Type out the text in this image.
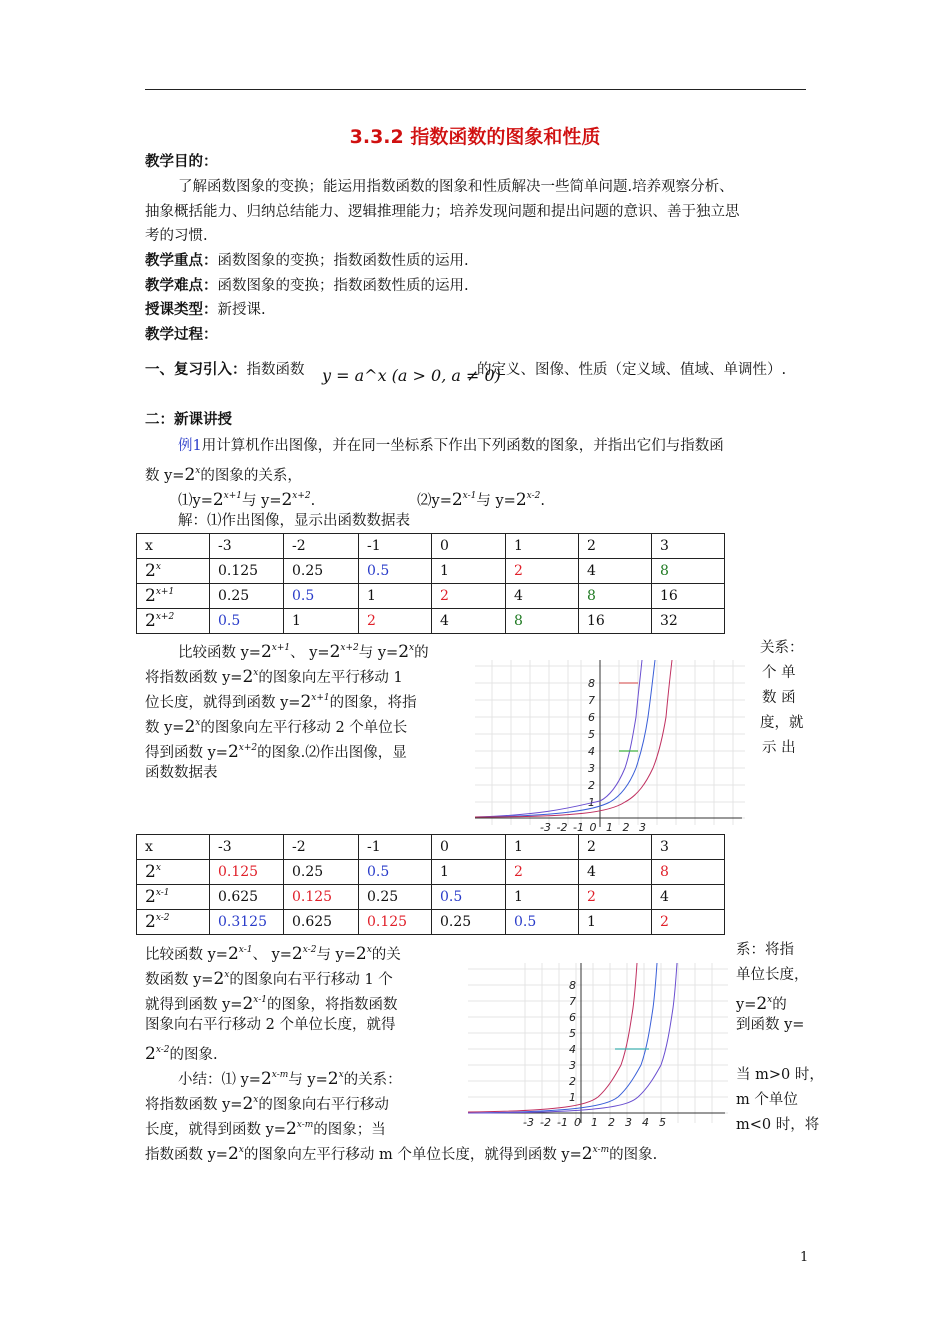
3.3.2 指数函数的图象和性质
教学目的：
了解函数图象的变换；能运用指数函数的图象和性质解决一些简单问题.培养观察分析、
抽象概括能力、归纳总结能力、逻辑推理能力；培养发现问题和提出问题的意识、善于独立思
考的习惯.
教学重点：函数图象的变换；指数函数性质的运用.
教学难点：函数图象的变换；指数函数性质的运用.
授课类型：新授课.
教学过程：
一、复习引入：指数函数 y = a^x (a > 0, a ≠ 0)
的定义、图像、性质（定义域、值域、单调性）.
二：新课讲授
例1用计算机作出图像，并在同一坐标系下作出下列函数的图象，并指出它们与指数函
数 $y=2^x$的图象的关系，
$⑴y=2^{x+1}$与 $y=2^{x+2}$.	$⑵y=2^{x-1}$与 $y=2^{x-2}$.
解：⑴作出图像，显示出函数数据表
x	-3	-2	-1	0	1	2	3
2$^x$	0.125	0.25	0.5	1	2	4	8
$2^{x+1}$	0.25	0.5	1	2	4	8	16
$2^{x+2}$	0.5	1	2	4	8	16	32
比较函数 $y=2^{x+1}$、 $y=2^{x+2}$与 $y=2^x$的	关系：
将指数函数 $y=2^x$的图象向左平行移动 1	个 单
位长度，就得到函数 $y=2^{x+1}$的图象，将指	数 函
数 $y=2^x$的图象向左平行移动 2 个单位长	度，就
得到函数 $y=2^{x+2}$的图象.⑵作出图像，显	示 出
函数数据表
1
2
3
4
5
6
7
8
-3 -2 -1 0 1 2 3
x	-3	-2	-1	0	1	2	3
2$^x$	0.125	0.25	0.5	1	2	4	8
2$^{x-1}$	0.625	0.125	0.25	0.5	1	2	4
2$^{x-2}$	0.3125	0.625	0.125	0.25	0.5	1	2
比较函数 $y=2^{x-1}$、 $y=2^{x-2}$与 $y=2^x$的关	系：将指
数函数 $y=2^x$的图象向右平行移动 1 个	单位长度，
就得到函数 $y=2^{x-1}$的图象，将指数函数	$y=2^x$的
图象向右平行移动 2 个单位长度，就得	到函数 y=
$2^{x-2}$的图象.
小结：⑴ $y=2^{x-m}$与 $y=2^x$的关系：	当 m>0 时，
将指数函数 $y=2^x$的图象向右平行移动	m 个单位
长度，就得到函数 $y=2^{x-m}$的图象；当	m<0 时，将
指数函数 $y=2^x$的图象向左平行移动 m 个单位长度，就得到函数 $y=2^{x-m}$的图象.
1
2
3
4
5
6
7
8
-3 -2 -1 0 1 2 3 4 5
1
